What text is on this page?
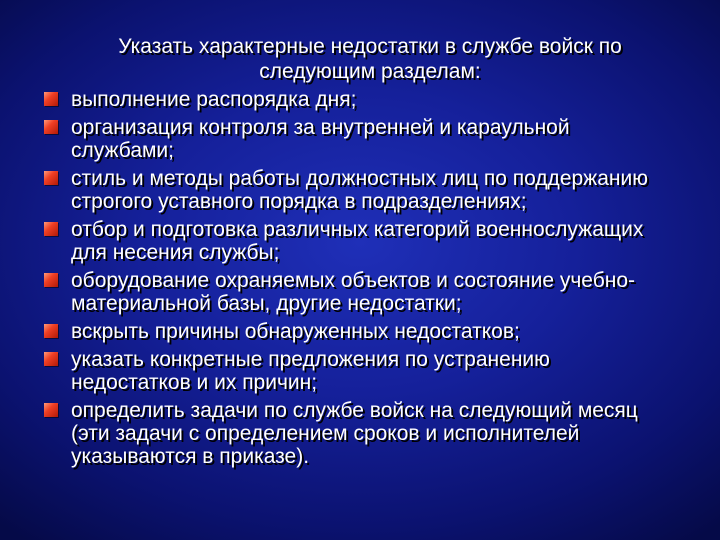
Указать характерные недостатки в службе войск по следующим разделам:
выполнение распорядка дня;
организация контроля за внутренней и караульной службами;
стиль и методы работы должностных лиц по поддержанию строгого уставного порядка в подразделениях;
отбор и подготовка различных категорий военнослужащих для несения службы;
оборудование охраняемых объектов и состояние учебно-материальной базы, другие недостатки;
вскрыть причины обнаруженных недостатков;
указать конкретные предложения по устранению недостатков и их причин;
определить задачи по службе войск на следующий месяц (эти задачи с определением сроков и исполнителей указываются в приказе).
